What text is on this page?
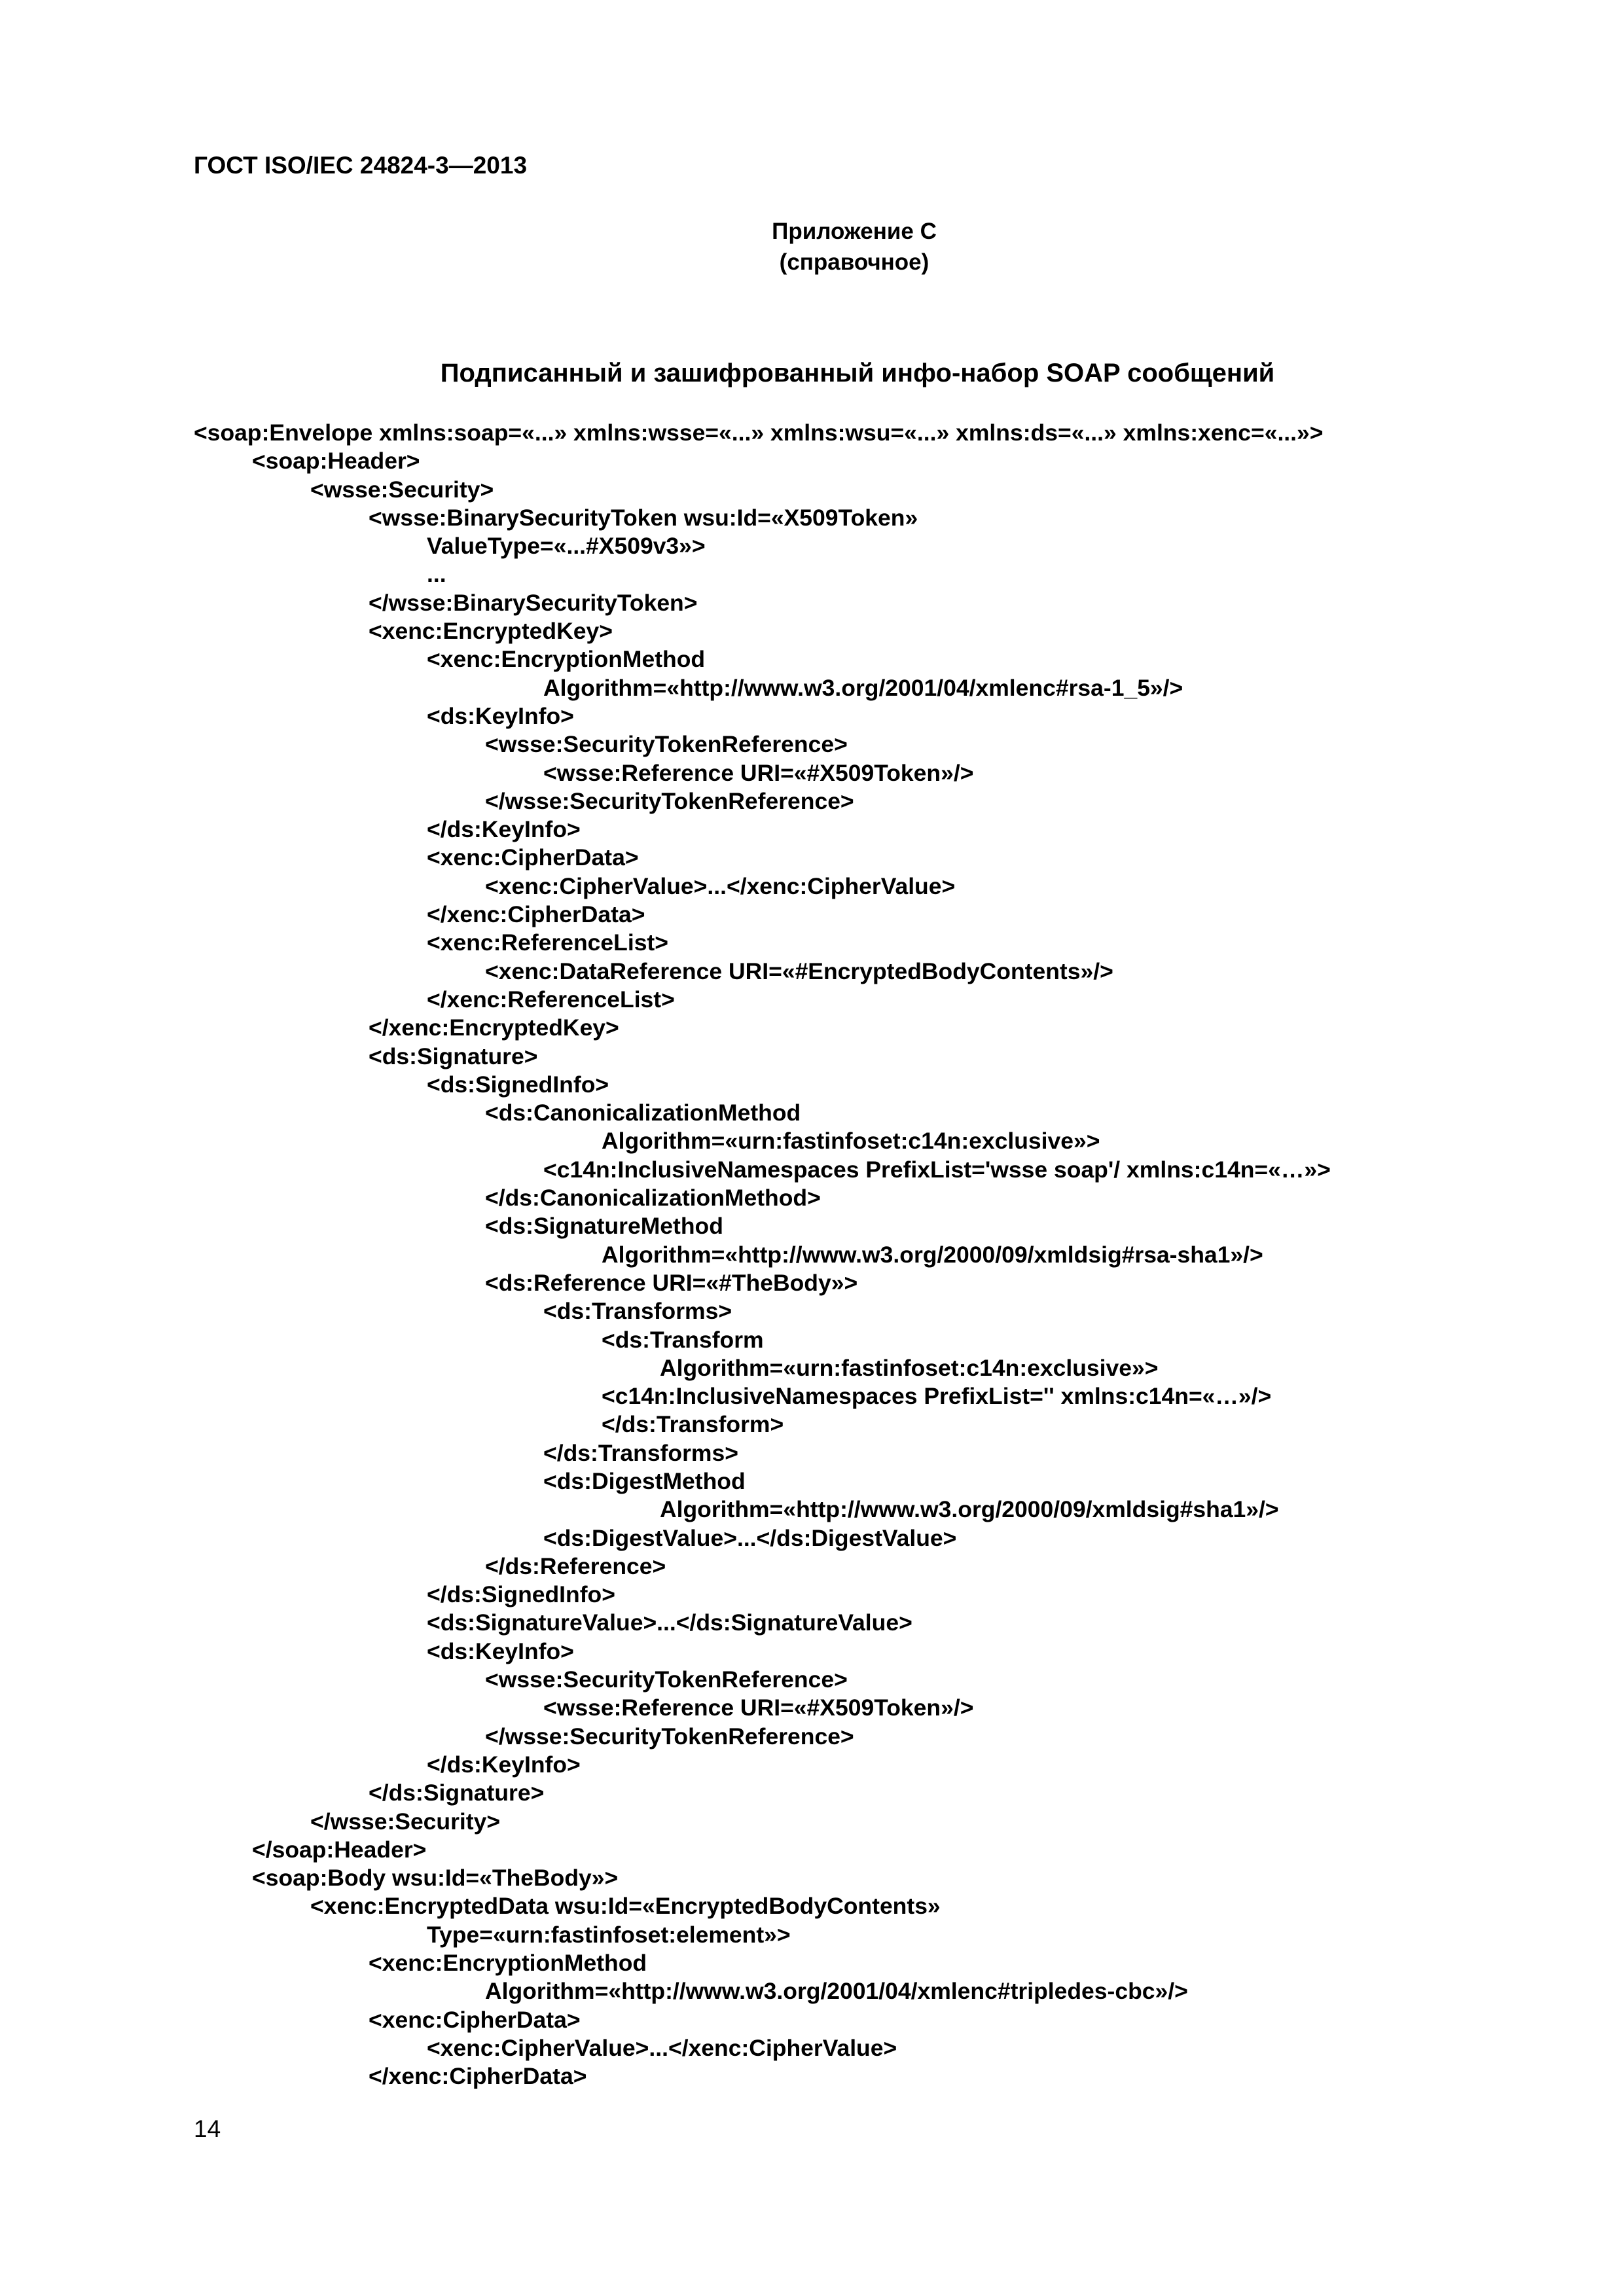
ГОСТ ISO/IEC 24824-3—2013
Приложение С
(справочное)
Подписанный и зашифрованный инфо-набор SOAP сообщений
<soap:Envelope xmlns:soap=«...» xmlns:wsse=«...» xmlns:wsu=«...» xmlns:ds=«...» xmlns:xenc=«...»>
<soap:Header>
<wsse:Security>
<wsse:BinarySecurityToken wsu:Id=«X509Token»
ValueType=«...#X509v3»>
...
</wsse:BinarySecurityToken>
<xenc:EncryptedKey>
<xenc:EncryptionMethod
Algorithm=«http://www.w3.org/2001/04/xmlenc#rsa-1_5»/>
<ds:KeyInfo>
<wsse:SecurityTokenReference>
<wsse:Reference URI=«#X509Token»/>
</wsse:SecurityTokenReference>
</ds:KeyInfo>
<xenc:CipherData>
<xenc:CipherValue>...</xenc:CipherValue>
</xenc:CipherData>
<xenc:ReferenceList>
<xenc:DataReference URI=«#EncryptedBodyContents»/>
</xenc:ReferenceList>
</xenc:EncryptedKey>
<ds:Signature>
<ds:SignedInfo>
<ds:CanonicalizationMethod
Algorithm=«urn:fastinfoset:c14n:exclusive»>
<c14n:InclusiveNamespaces PrefixList='wsse soap'/ xmlns:c14n=«…»>
</ds:CanonicalizationMethod>
<ds:SignatureMethod
Algorithm=«http://www.w3.org/2000/09/xmldsig#rsa-sha1»/>
<ds:Reference URI=«#TheBody»>
<ds:Transforms>
<ds:Transform
Algorithm=«urn:fastinfoset:c14n:exclusive»>
<c14n:InclusiveNamespaces PrefixList='' xmlns:c14n=«…»/>
</ds:Transform>
</ds:Transforms>
<ds:DigestMethod
Algorithm=«http://www.w3.org/2000/09/xmldsig#sha1»/>
<ds:DigestValue>...</ds:DigestValue>
</ds:Reference>
</ds:SignedInfo>
<ds:SignatureValue>...</ds:SignatureValue>
<ds:KeyInfo>
<wsse:SecurityTokenReference>
<wsse:Reference URI=«#X509Token»/>
</wsse:SecurityTokenReference>
</ds:KeyInfo>
</ds:Signature>
</wsse:Security>
</soap:Header>
<soap:Body wsu:Id=«TheBody»>
<xenc:EncryptedData wsu:Id=«EncryptedBodyContents»
Type=«urn:fastinfoset:element»>
<xenc:EncryptionMethod
Algorithm=«http://www.w3.org/2001/04/xmlenc#tripledes-cbc»/>
<xenc:CipherData>
<xenc:CipherValue>...</xenc:CipherValue>
</xenc:CipherData>
14
